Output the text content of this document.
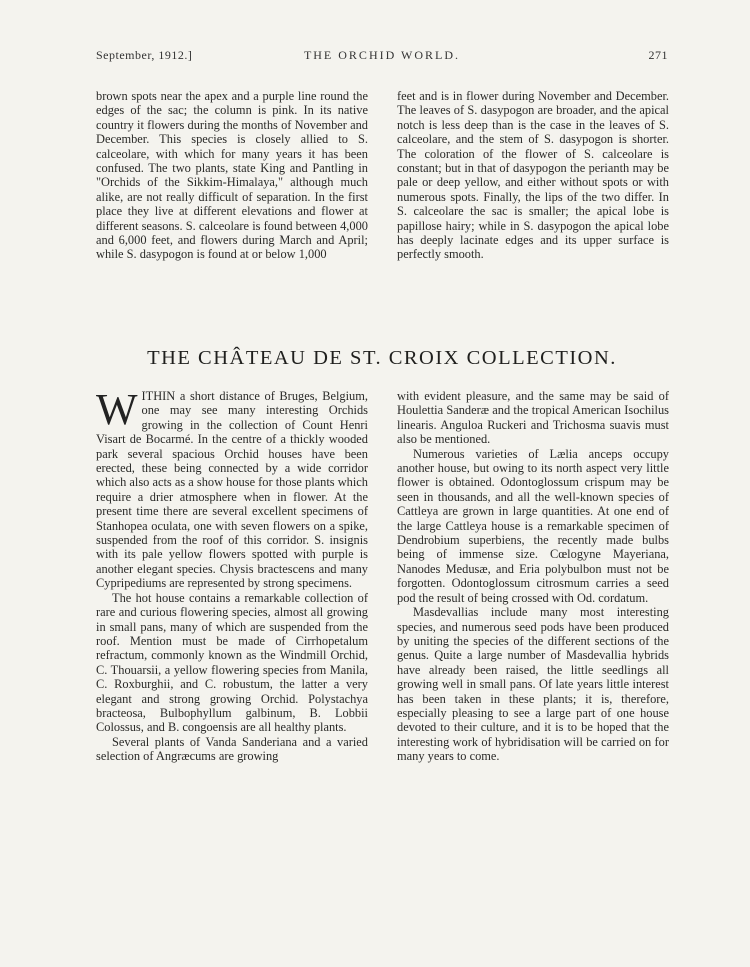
September, 1912.]	THE ORCHID WORLD.	271

brown spots near the apex and a purple line round the edges of the sac; the column is pink. In its native country it flowers during the months of November and December. This species is closely allied to S. calceolare, with which for many years it has been confused. The two plants, state King and Pantling in "Orchids of the Sikkim-Himalaya," although much alike, are not really difficult of separation. In the first place they live at different elevations and flower at different seasons. S. calceolare is found between 4,000 and 6,000 feet, and flowers during March and April; while S. dasypogon is found at or below 1,000

feet and is in flower during November and December. The leaves of S. dasypogon are broader, and the apical notch is less deep than is the case in the leaves of S. calceolare, and the stem of S. dasypogon is shorter. The coloration of the flower of S. calceolare is constant; but in that of dasypogon the perianth may be pale or deep yellow, and either without spots or with numerous spots. Finally, the lips of the two differ. In S. calceolare the sac is smaller; the apical lobe is papillose hairy; while in S. dasypogon the apical lobe has deeply lacinate edges and its upper surface is perfectly smooth.

THE CHÂTEAU DE ST. CROIX COLLECTION.

WITHIN a short distance of Bruges, Belgium, one may see many interesting Orchids growing in the collection of Count Henri Visart de Bocarmé. In the centre of a thickly wooded park several spacious Orchid houses have been erected, these being connected by a wide corridor which also acts as a show house for those plants which require a drier atmosphere when in flower. At the present time there are several excellent specimens of Stanhopea oculata, one with seven flowers on a spike, suspended from the roof of this corridor. S. insignis with its pale yellow flowers spotted with purple is another elegant species. Chysis bractescens and many Cypripediums are represented by strong specimens.

The hot house contains a remarkable collection of rare and curious flowering species, almost all growing in small pans, many of which are suspended from the roof. Mention must be made of Cirrhopetalum refractum, commonly known as the Windmill Orchid, C. Thouarsii, a yellow flowering species from Manila, C. Roxburghii, and C. robustum, the latter a very elegant and strong growing Orchid. Polystachya bracteosa, Bulbophyllum galbinum, B. Lobbii Colossus, and B. congoensis are all healthy plants.

Several plants of Vanda Sanderiana and a varied selection of Angræcums are growing

with evident pleasure, and the same may be said of Houlettia Sanderæ and the tropical American Isochilus linearis. Anguloa Ruckeri and Trichosma suavis must also be mentioned.

Numerous varieties of Lælia anceps occupy another house, but owing to its north aspect very little flower is obtained. Odontoglossum crispum may be seen in thousands, and all the well-known species of Cattleya are grown in large quantities. At one end of the large Cattleya house is a remarkable specimen of Dendrobium superbiens, the recently made bulbs being of immense size. Cœlogyne Mayeriana, Nanodes Medusæ, and Eria polybulbon must not be forgotten. Odontoglossum citrosmum carries a seed pod the result of being crossed with Od. cordatum.

Masdevallias include many most interesting species, and numerous seed pods have been produced by uniting the species of the different sections of the genus. Quite a large number of Masdevallia hybrids have already been raised, the little seedlings all growing well in small pans. Of late years little interest has been taken in these plants; it is, therefore, especially pleasing to see a large part of one house devoted to their culture, and it is to be hoped that the interesting work of hybridisation will be carried on for many years to come.
